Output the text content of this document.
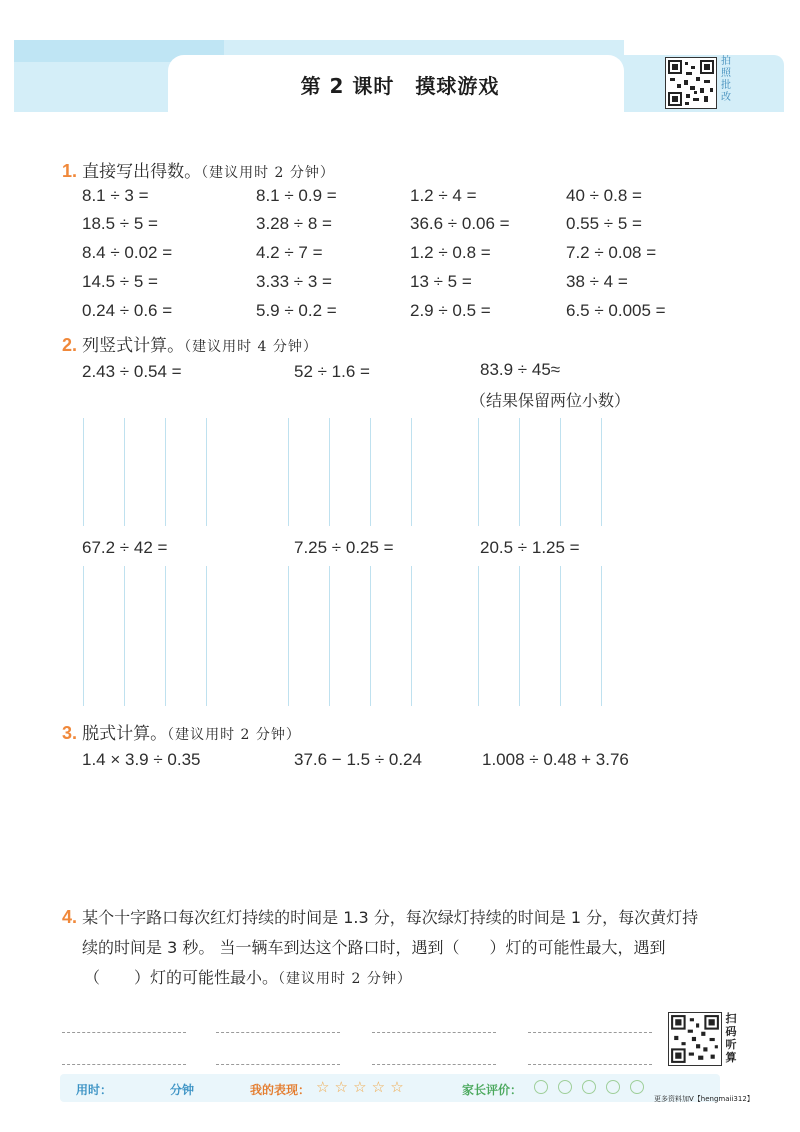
第 2 课时　摸球游戏
拍
照
批
改
1. 直接写出得数。（建议用时 2 分钟）
8.1 ÷ 3 =	8.1 ÷ 0.9 =	1.2 ÷ 4 =	40 ÷ 0.8 =
18.5 ÷ 5 =	3.28 ÷ 8 =	36.6 ÷ 0.06 =	0.55 ÷ 5 =
8.4 ÷ 0.02 =	4.2 ÷ 7 =	1.2 ÷ 0.8 =	7.2 ÷ 0.08 =
14.5 ÷ 5 =	3.33 ÷ 3 =	13 ÷ 5 =	38 ÷ 4 =
0.24 ÷ 0.6 =	5.9 ÷ 0.2 =	2.9 ÷ 0.5 =	6.5 ÷ 0.005 =
2. 列竖式计算。（建议用时 4 分钟）
2.43 ÷ 0.54 =	52 ÷ 1.6 =	83.9 ÷ 45≈
（结果保留两位小数）
67.2 ÷ 42 =	7.25 ÷ 0.25 =	20.5 ÷ 1.25 =
3. 脱式计算。（建议用时 2 分钟）
1.4 × 3.9 ÷ 0.35	37.6 − 1.5 ÷ 0.24	1.008 ÷ 0.48 + 3.76
4. 某个十字路口每次红灯持续的时间是 1.3 分，每次绿灯持续的时间是 1 分，每次黄灯持
续的时间是 3 秒。 当一辆车到达这个路口时，遇到（ ）灯的可能性最大，遇到
（ ）灯的可能性最小。（建议用时 2 分钟）
扫
码
听
算
用时：	分钟	我的表现： ☆ ☆ ☆ ☆ ☆	家长评价：
更多资料加V【hengmaii312】
